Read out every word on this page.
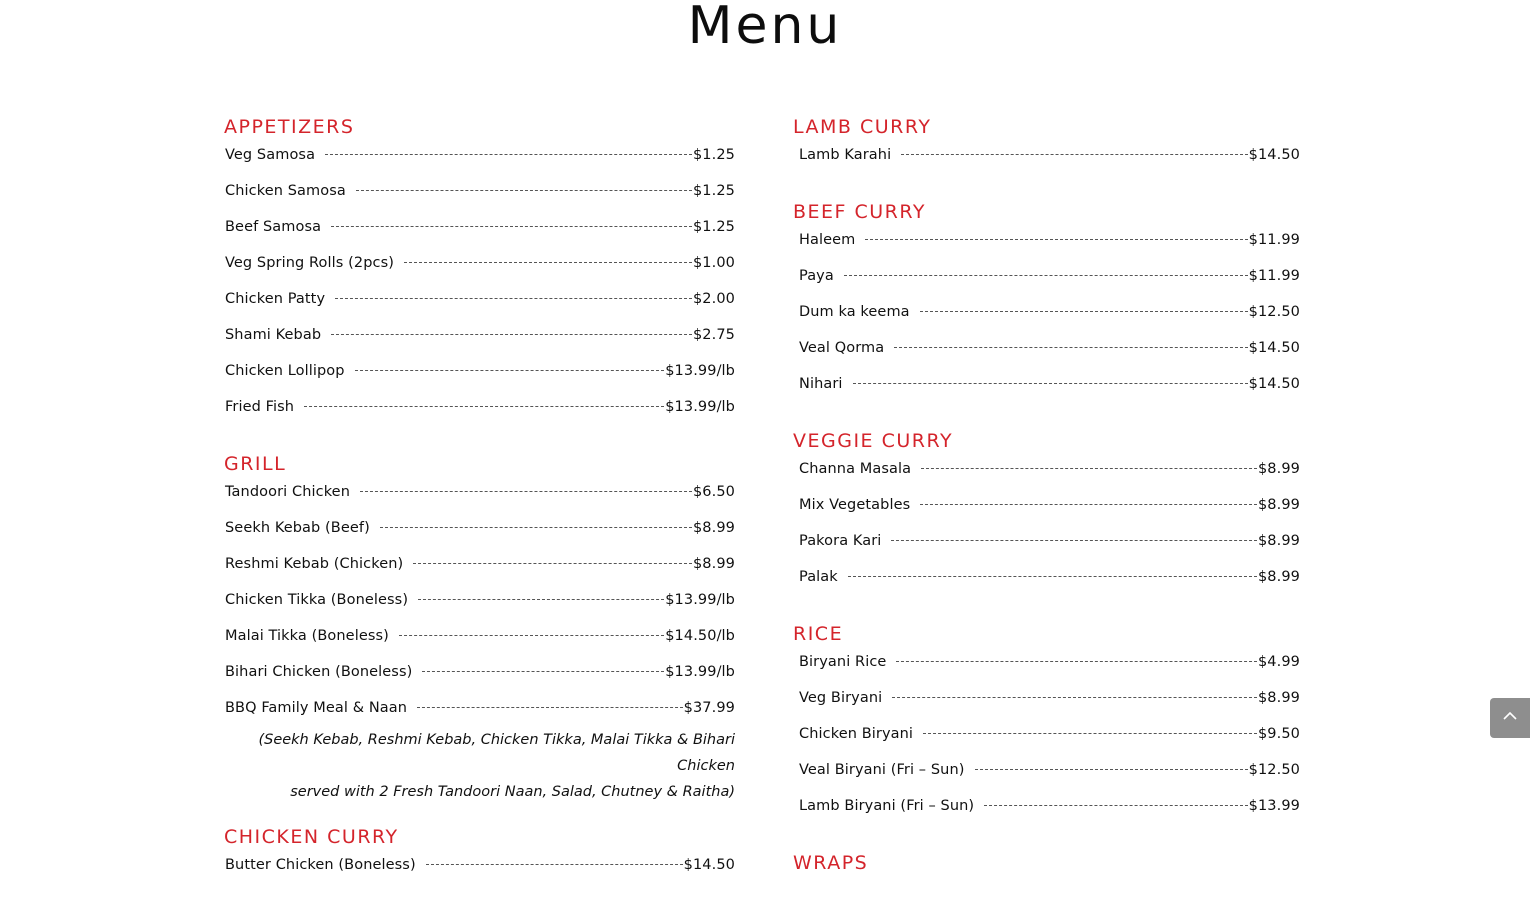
Menu
APPETIZERS
Veg Samosa	$1.25
Chicken Samosa	$1.25
Beef Samosa	$1.25
Veg Spring Rolls (2pcs)	$1.00
Chicken Patty	$2.00
Shami Kebab	$2.75
Chicken Lollipop	$13.99/lb
Fried Fish	$13.99/lb
GRILL
Tandoori Chicken	$6.50
Seekh Kebab (Beef)	$8.99
Reshmi Kebab (Chicken)	$8.99
Chicken Tikka (Boneless)	$13.99/lb
Malai Tikka (Boneless)	$14.50/lb
Bihari Chicken (Boneless)	$13.99/lb
BBQ Family Meal & Naan	$37.99
(Seekh Kebab, Reshmi Kebab, Chicken Tikka, Malai Tikka & Bihari Chicken
served with 2 Fresh Tandoori Naan, Salad, Chutney & Raitha)
CHICKEN CURRY
Butter Chicken (Boneless)	$14.50
LAMB CURRY
Lamb Karahi	$14.50
BEEF CURRY
Haleem	$11.99
Paya	$11.99
Dum ka keema	$12.50
Veal Qorma	$14.50
Nihari	$14.50
VEGGIE CURRY
Channa Masala	$8.99
Mix Vegetables	$8.99
Pakora Kari	$8.99
Palak	$8.99
RICE
Biryani Rice	$4.99
Veg Biryani	$8.99
Chicken Biryani	$9.50
Veal Biryani (Fri – Sun)	$12.50
Lamb Biryani (Fri – Sun)	$13.99
WRAPS
